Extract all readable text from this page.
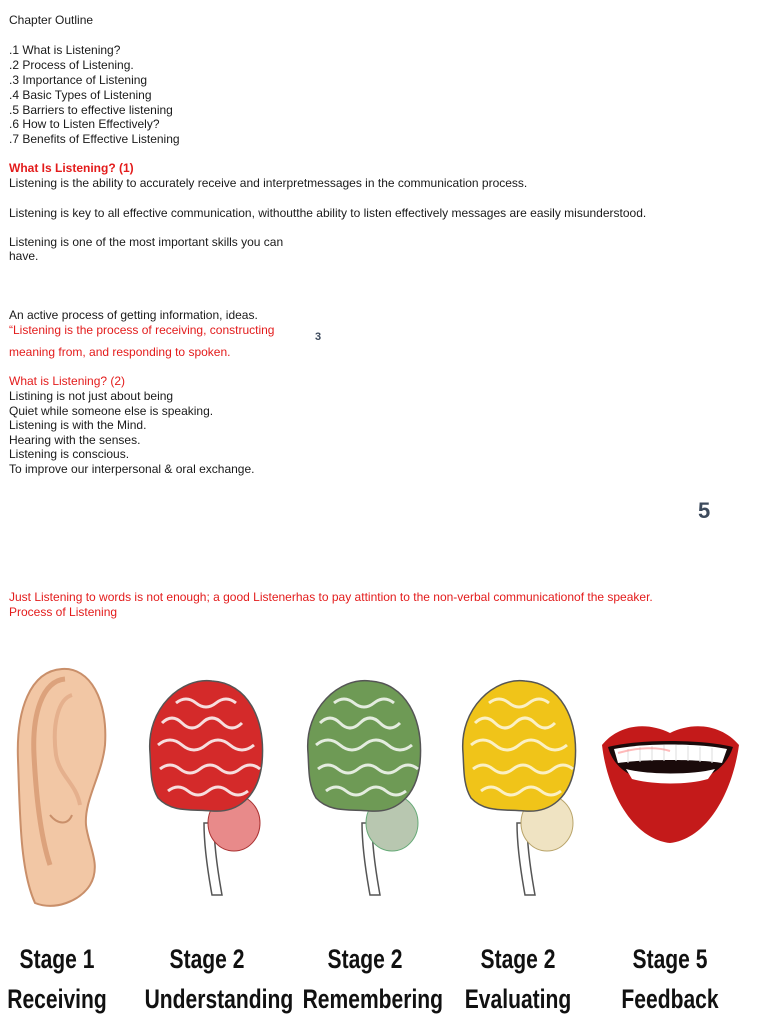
Chapter Outline
.1 What is Listening?
.2 Process of Listening.
.3 Importance of Listening
.4 Basic Types of Listening
.5 Barriers to effective listening
.6 How to Listen Effectively?
.7 Benefits of Effective Listening
What Is Listening? (1)
Listening is the ability to accurately receive and interpretmessages in the communication process.
Listening is key to all effective communication, withoutthe ability to listen effectively messages are easily misunderstood.
Listening is one of the most important skills you can
have.
An active process of getting information, ideas.
“Listening is the process of receiving, constructing
meaning from, and responding to spoken.
3
What is Listening? (2)
Listining is not just about being
Quiet while someone else is speaking.
Listening is with the Mind.
Hearing with the senses.
Listening is conscious.
To improve our interpersonal & oral exchange.
5
Just Listening to words is not enough; a good Listenerhas to pay attintion to the non-verbal communicationof the speaker.
Process of Listening
Stage 1
Receiving
Stage 2
Understanding
Stage 2
Remembering
Stage 2
Evaluating
Stage 5
Feedback
